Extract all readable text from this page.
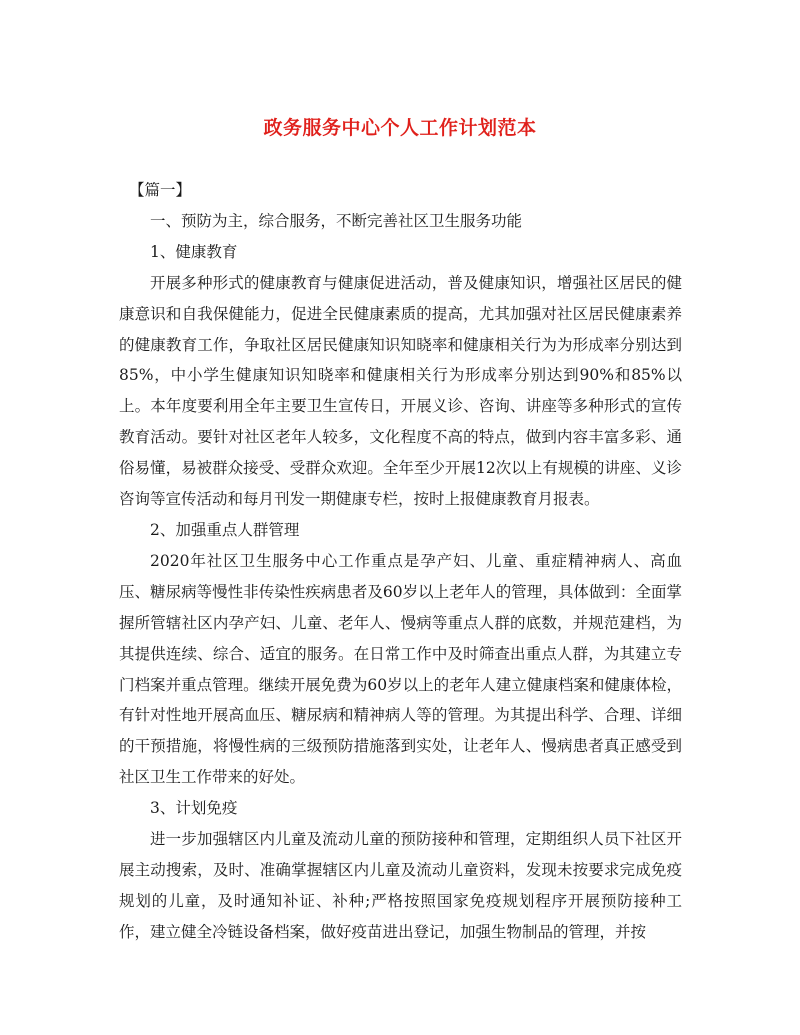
政务服务中心个人工作计划范本

【篇一】

一、预防为主，综合服务，不断完善社区卫生服务功能

1、健康教育

开展多种形式的健康教育与健康促进活动，普及健康知识，增强社区居民的健康意识和自我保健能力，促进全民健康素质的提高，尤其加强对社区居民健康素养的健康教育工作，争取社区居民健康知识知晓率和健康相关行为为形成率分别达到85%，中小学生健康知识知晓率和健康相关行为形成率分别达到90%和85%以上。本年度要利用全年主要卫生宣传日，开展义诊、咨询、讲座等多种形式的宣传教育活动。要针对社区老年人较多，文化程度不高的特点，做到内容丰富多彩、通俗易懂，易被群众接受、受群众欢迎。全年至少开展12次以上有规模的讲座、义诊咨询等宣传活动和每月刊发一期健康专栏，按时上报健康教育月报表。

2、加强重点人群管理

2020年社区卫生服务中心工作重点是孕产妇、儿童、重症精神病人、高血压、糖尿病等慢性非传染性疾病患者及60岁以上老年人的管理，具体做到：全面掌握所管辖社区内孕产妇、儿童、老年人、慢病等重点人群的底数，并规范建档，为其提供连续、综合、适宜的服务。在日常工作中及时筛查出重点人群，为其建立专门档案并重点管理。继续开展免费为60岁以上的老年人建立健康档案和健康体检，有针对性地开展高血压、糖尿病和精神病人等的管理。为其提出科学、合理、详细的干预措施，将慢性病的三级预防措施落到实处，让老年人、慢病患者真正感受到社区卫生工作带来的好处。

3、计划免疫

进一步加强辖区内儿童及流动儿童的预防接种和管理，定期组织人员下社区开展主动搜索，及时、准确掌握辖区内儿童及流动儿童资料，发现未按要求完成免疫规划的儿童，及时通知补证、补种;严格按照国家免疫规划程序开展预防接种工作，建立健全冷链设备档案，做好疫苗进出登记，加强生物制品的管理，并按
